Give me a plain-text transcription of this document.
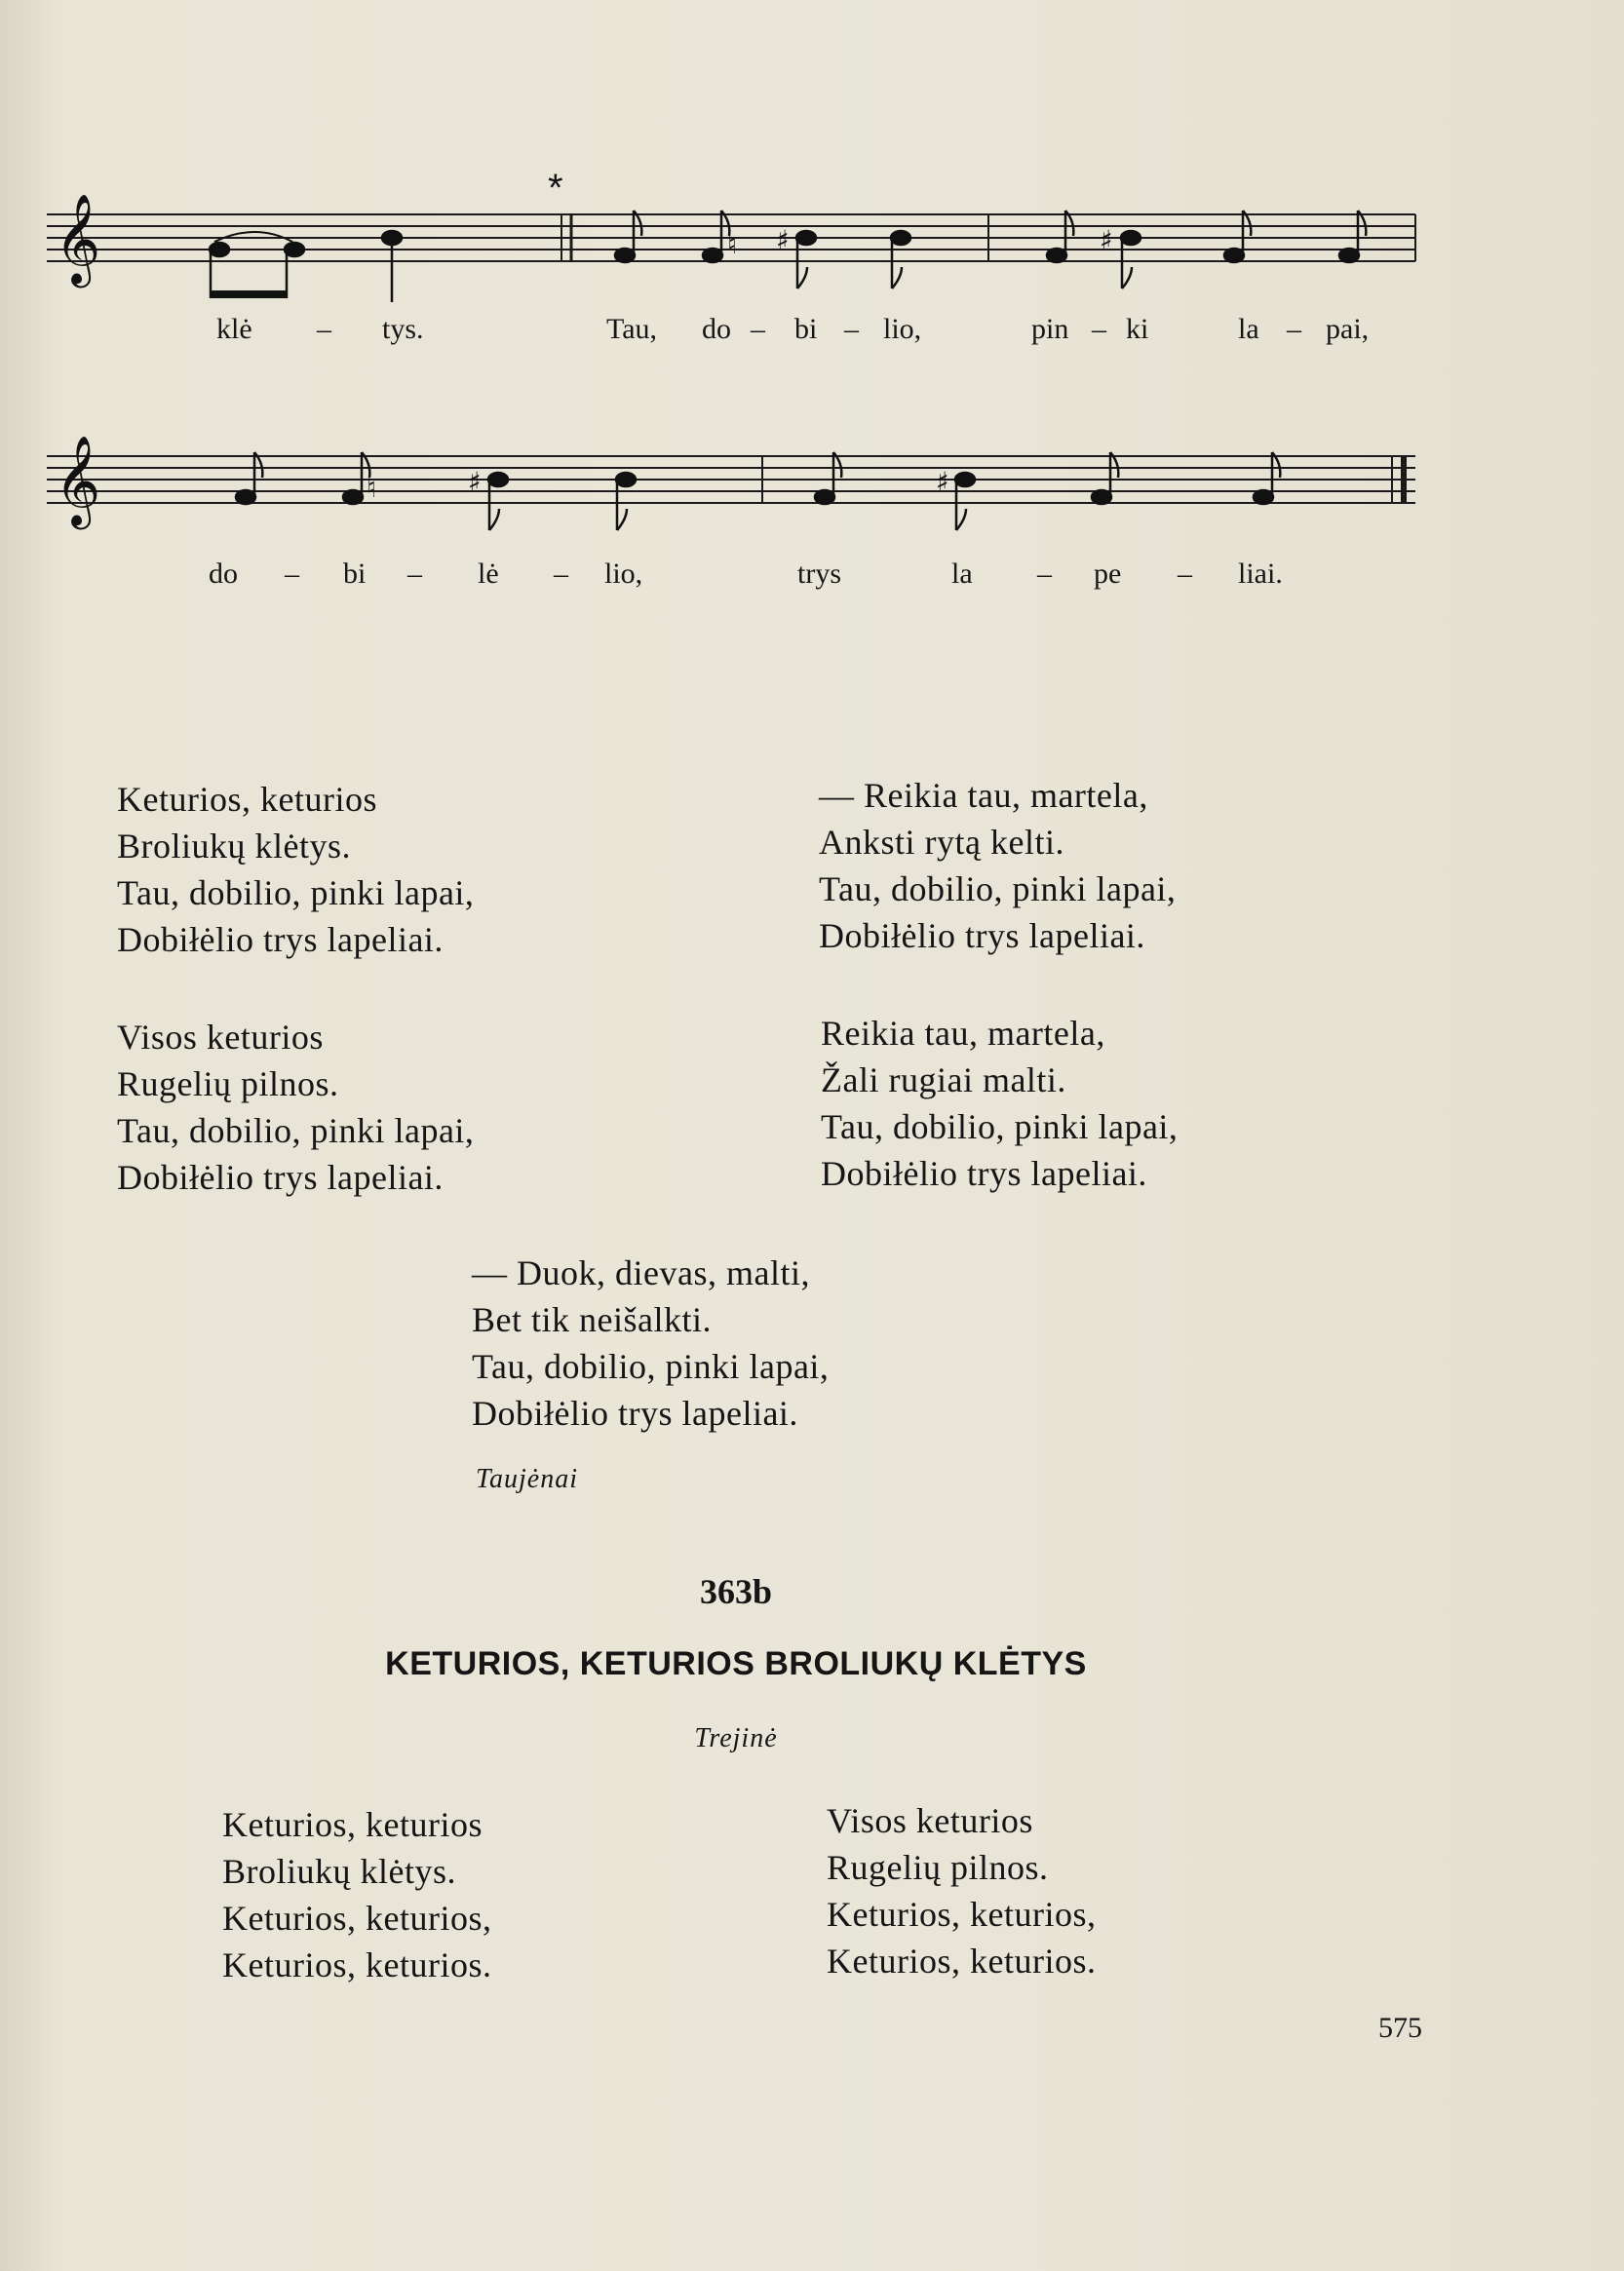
𝄞
*
♮ ♯	♯
klė – tys.	Tau, do – bi – lio,	pin – ki	la – pai,
𝄞	♮	♯	♯
do – bi – lė – lio,	trys	la – pe – liai.
Keturios, keturios
Broliukų klėtys.
Tau, dobilio, pinki lapai,
Dobiłėlio trys lapeliai.
Visos keturios
Rugelių pilnos.
Tau, dobilio, pinki lapai,
Dobiłėlio trys lapeliai.
— Reikia tau, martela,
Anksti rytą kelti.
Tau, dobilio, pinki lapai,
Dobiłėlio trys lapeliai.
Reikia tau, martela,
Žali rugiai malti.
Tau, dobilio, pinki lapai,
Dobiłėlio trys lapeliai.
— Duok, dievas, malti,
Bet tik neišalkti.
Tau, dobilio, pinki lapai,
Dobiłėlio trys lapeliai.
Taujėnai
363b
KETURIOS, KETURIOS BROLIUKŲ KLĖTYS
Trejinė
Keturios, keturios
Broliukų klėtys.
Keturios, keturios,
Keturios, keturios.
Visos keturios
Rugelių pilnos.
Keturios, keturios,
Keturios, keturios.
575
